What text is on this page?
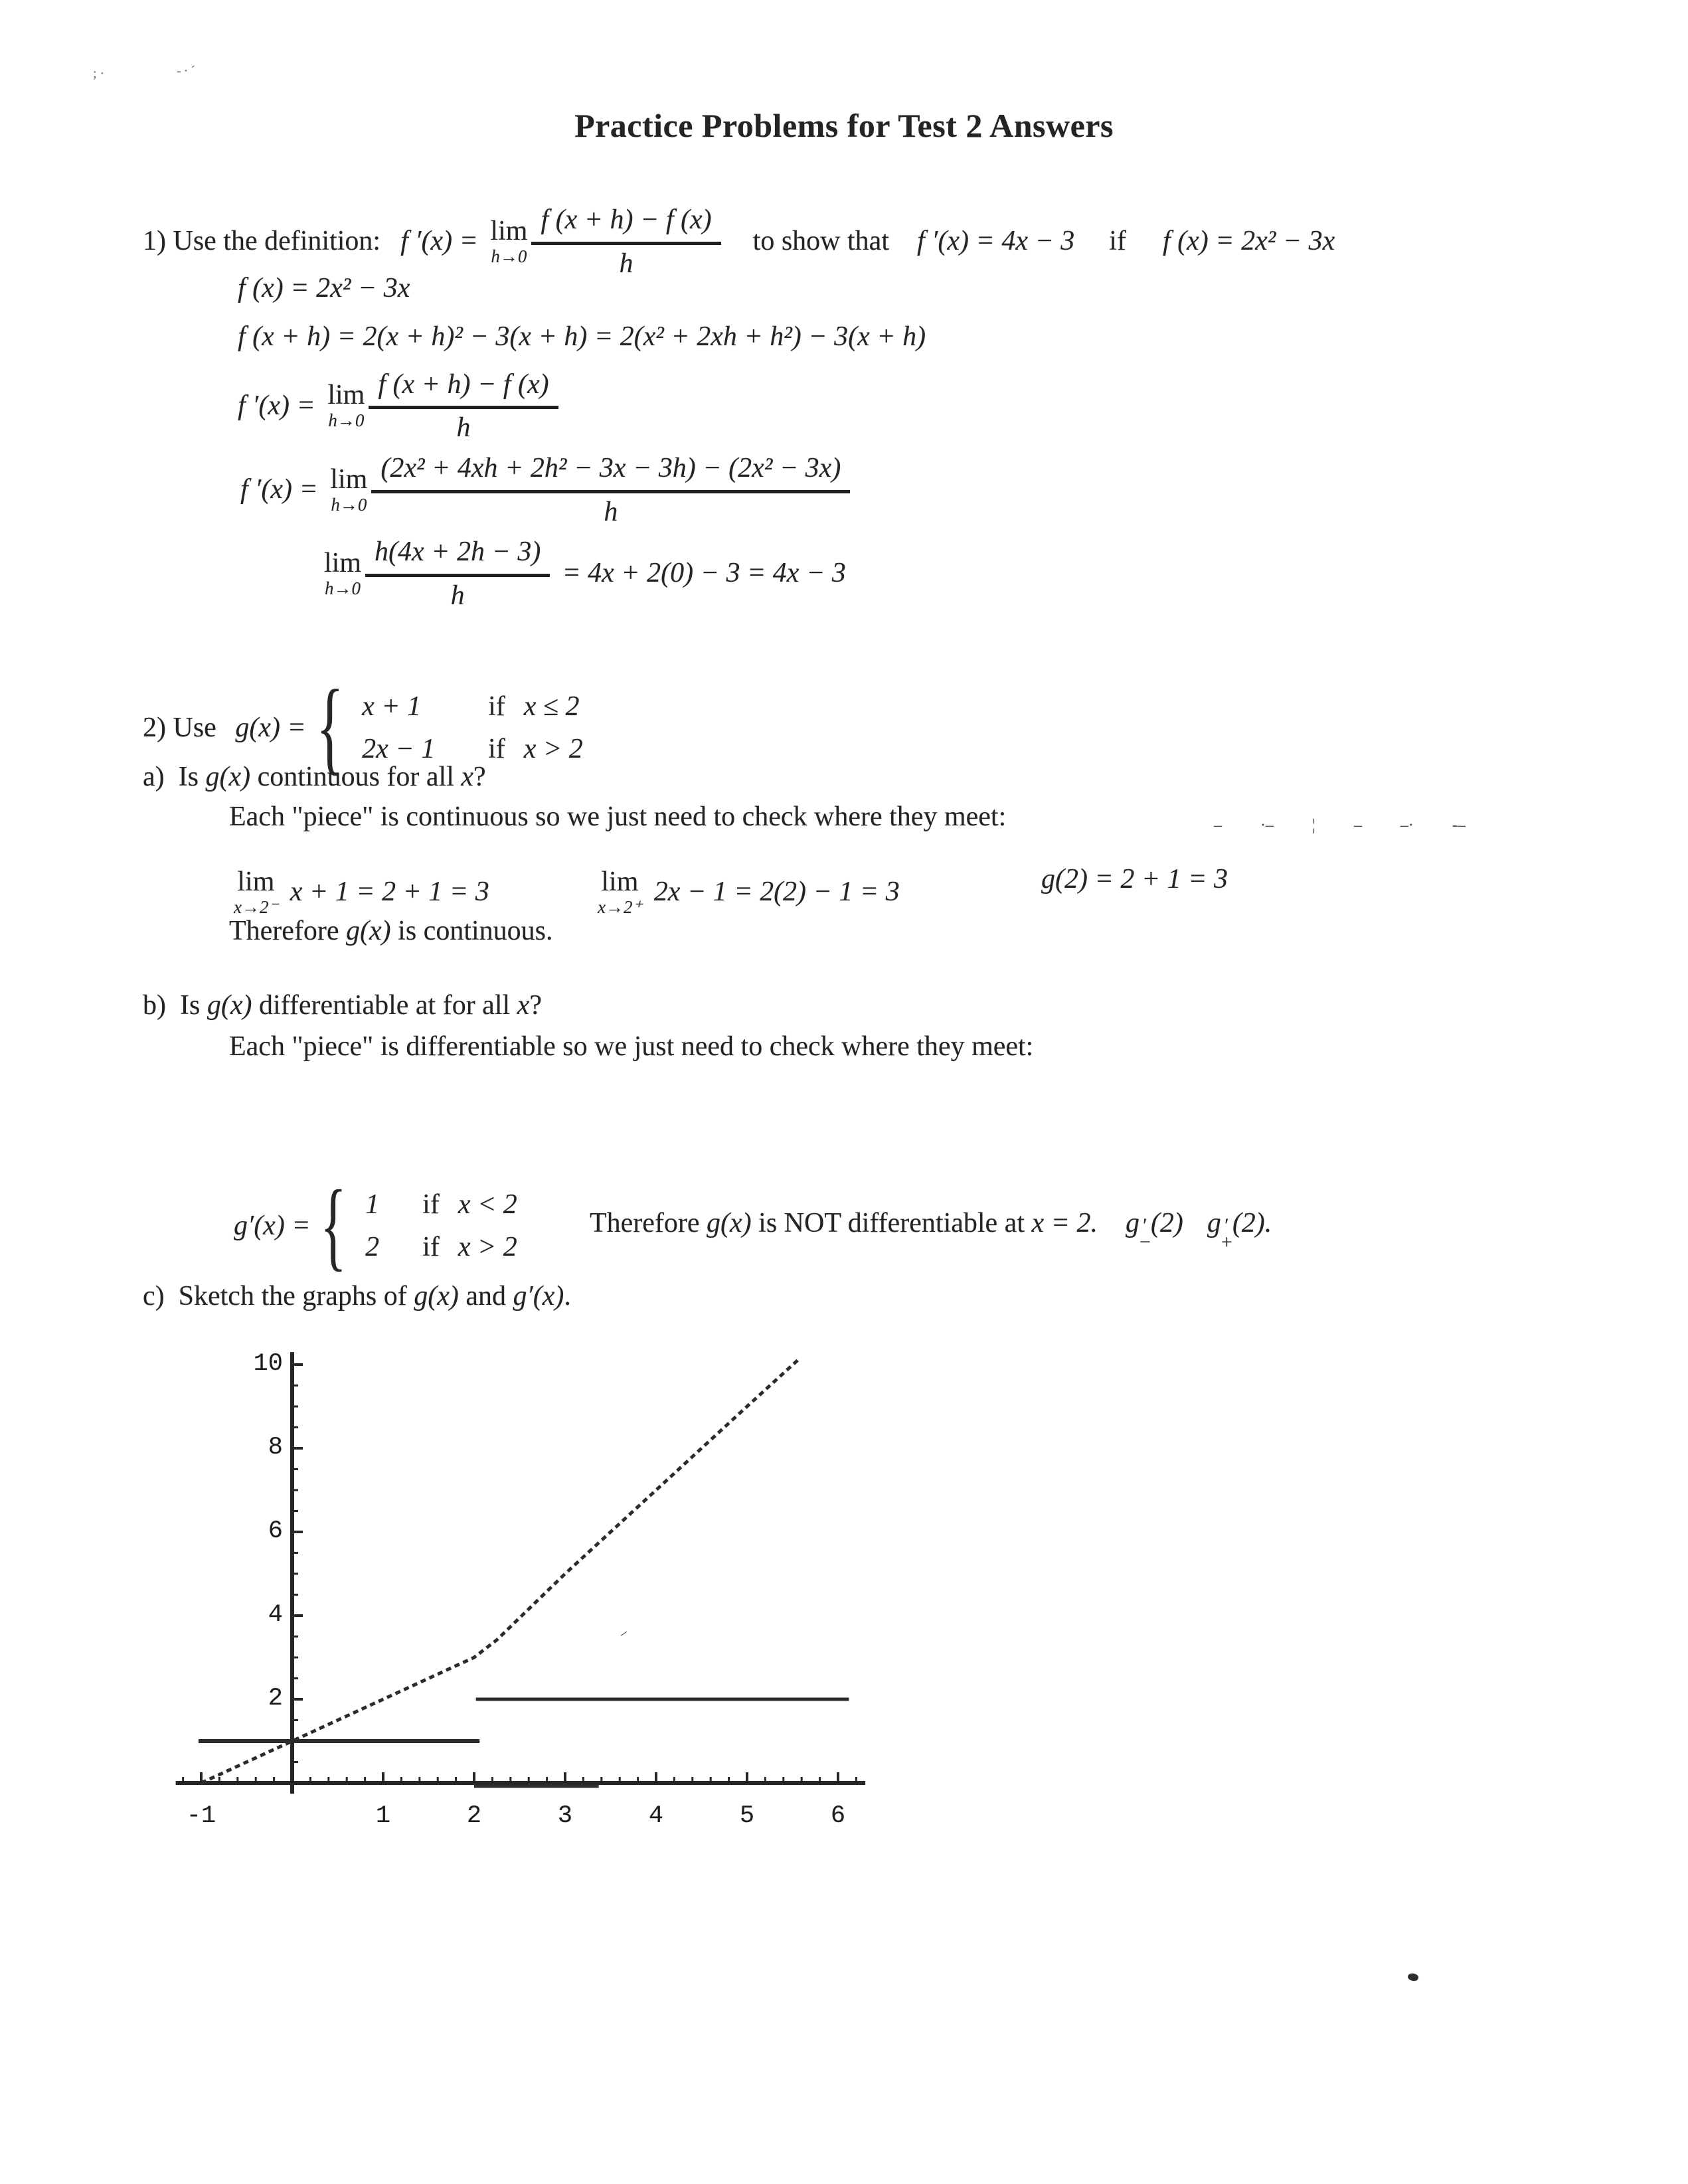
;·	-·´
Practice Problems for Test 2 Answers
1) Use the definition: f ′(x) = lim
$h\to 0 \frac{f (x + h) - f (x)}{h}$ to show that f ′(x) = 4x − 3 if f (x) = 2x² − 3x
f (x) = 2x² − 3x
f (x + h) = 2(x + h)² − 3(x + h) = 2(x² + 2xh + h²) − 3(x + h)
f ′(x) = lim
$h\to 0 \frac{f (x + h) - f (x)}{h}$
f ′(x) = lim
$h\to 0 \frac{\text{(2x² + 4xh + 2h² − 3x − 3h) − (2x² − 3x)}}{h}$
lim
$h\to 0 \frac{h(4x + 2h - 3)}{h} = 4x + 2(0) - 3 = 4x - 3$
2) Use g(x) = { x + 1	if x ≤ 2
2x − 1	if x > 2
a)  Is g(x) continuous for all x ?
Each "piece" is continuous so we just need to check where they meet:	– ·– ¦ – –· -–
lim
x→2⁻ x + 1 = 2 + 1 = 3	lim
x→2⁺ 2x − 1 = 2(2) − 1 = 3	g(2) = 2 + 1 = 3
Therefore g(x) is continuous.
b)  Is g(x) differentiable at for all x ?
Each "piece" is differentiable so we just need to check where they meet:
g′(x) = { 1	if x < 2
2	if x > 2
Therefore g(x) is NOT differentiable at x = 2. g ′
−
(2) g ′
+
(2).
c)  Sketch the graphs of g(x) and g′(x) .
-1	1	2	3	4	5	6
2
4
6
8
10
–
